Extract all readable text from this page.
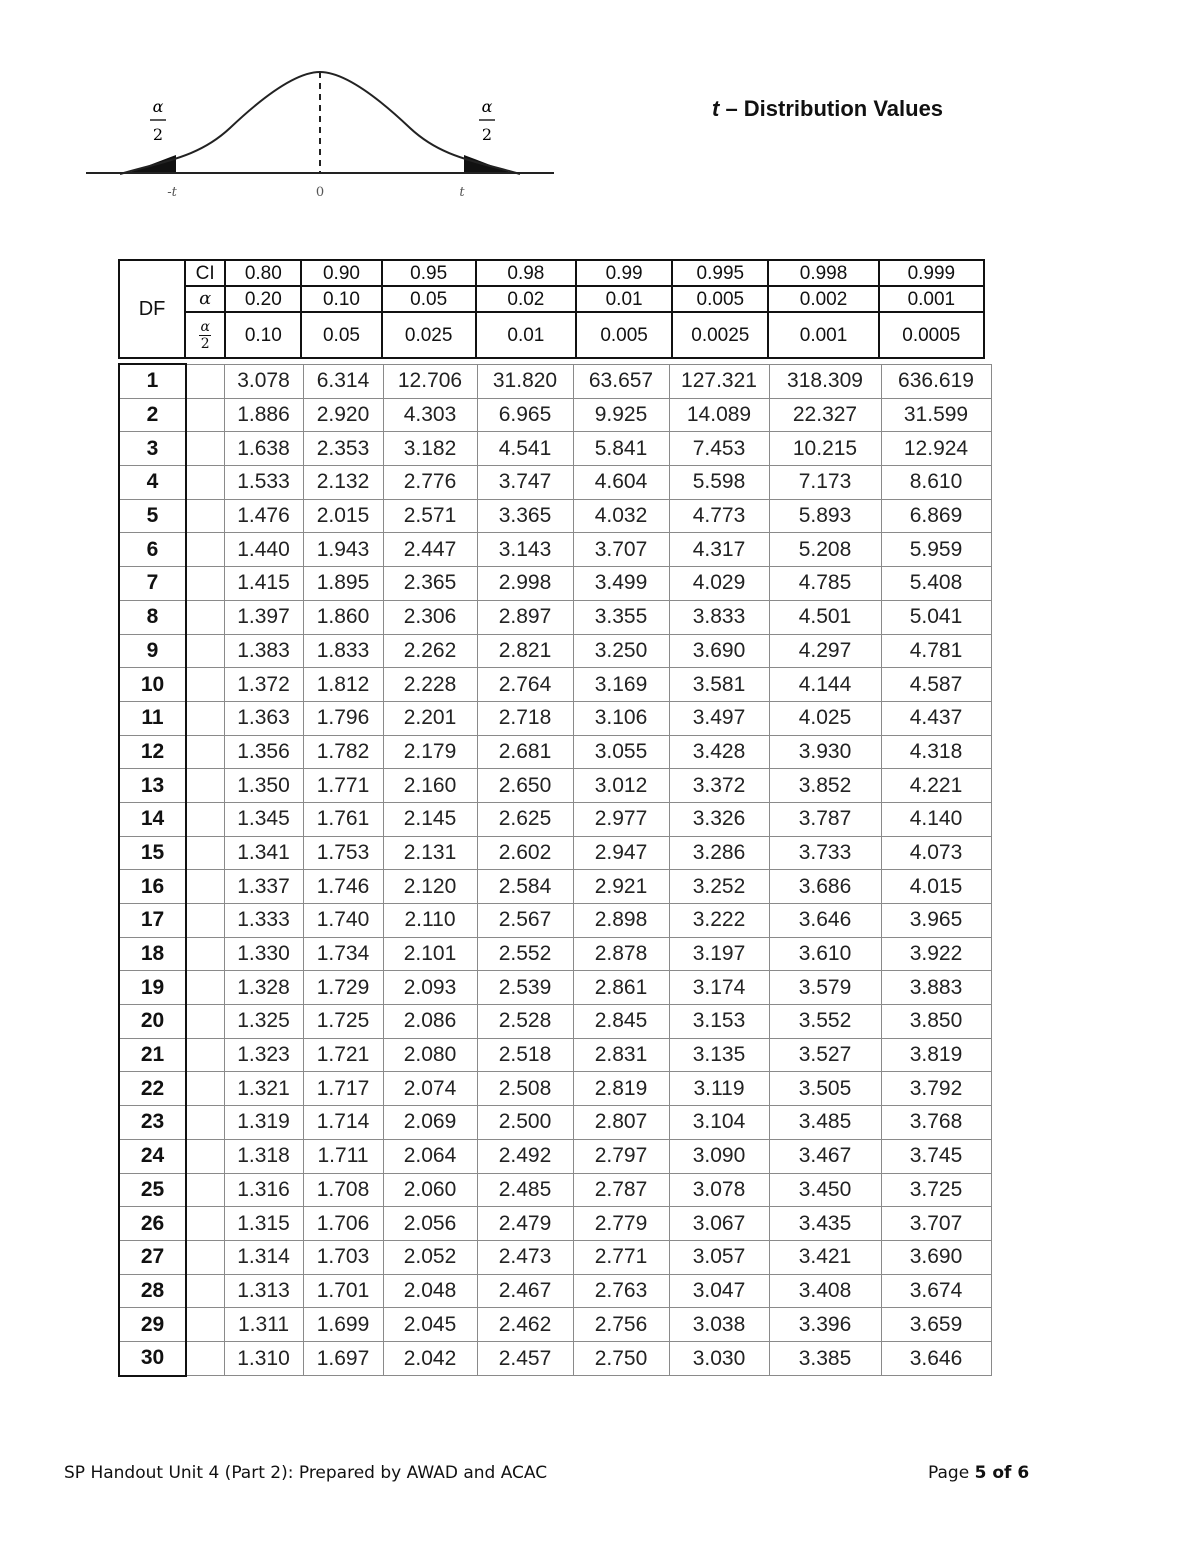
α
2
α
2
-t	0	t
t – Distribution Values
DF	CI	0.80	0.90	0.95	0.98	0.99	0.995	0.998	0.999
	α	0.20	0.10	0.05	0.02	0.01	0.005	0.002	0.001

	$\frac{\alpha}{2}$	0.10	0.05	0.025	0.01	0.005	0.0025	0.001	0.0005
1		3.078	6.314	12.706	31.820	63.657	127.321	318.309	636.619
2		1.886	2.920	4.303	6.965	9.925	14.089	22.327	31.599
3		1.638	2.353	3.182	4.541	5.841	7.453	10.215	12.924
4		1.533	2.132	2.776	3.747	4.604	5.598	7.173	8.610
5		1.476	2.015	2.571	3.365	4.032	4.773	5.893	6.869
6		1.440	1.943	2.447	3.143	3.707	4.317	5.208	5.959
7		1.415	1.895	2.365	2.998	3.499	4.029	4.785	5.408
8		1.397	1.860	2.306	2.897	3.355	3.833	4.501	5.041
9		1.383	1.833	2.262	2.821	3.250	3.690	4.297	4.781
10		1.372	1.812	2.228	2.764	3.169	3.581	4.144	4.587
11		1.363	1.796	2.201	2.718	3.106	3.497	4.025	4.437
12		1.356	1.782	2.179	2.681	3.055	3.428	3.930	4.318
13		1.350	1.771	2.160	2.650	3.012	3.372	3.852	4.221
14		1.345	1.761	2.145	2.625	2.977	3.326	3.787	4.140
15		1.341	1.753	2.131	2.602	2.947	3.286	3.733	4.073
16		1.337	1.746	2.120	2.584	2.921	3.252	3.686	4.015
17		1.333	1.740	2.110	2.567	2.898	3.222	3.646	3.965
18		1.330	1.734	2.101	2.552	2.878	3.197	3.610	3.922
19		1.328	1.729	2.093	2.539	2.861	3.174	3.579	3.883
20		1.325	1.725	2.086	2.528	2.845	3.153	3.552	3.850
21		1.323	1.721	2.080	2.518	2.831	3.135	3.527	3.819
22		1.321	1.717	2.074	2.508	2.819	3.119	3.505	3.792
23		1.319	1.714	2.069	2.500	2.807	3.104	3.485	3.768
24		1.318	1.711	2.064	2.492	2.797	3.090	3.467	3.745
25		1.316	1.708	2.060	2.485	2.787	3.078	3.450	3.725
26		1.315	1.706	2.056	2.479	2.779	3.067	3.435	3.707
27		1.314	1.703	2.052	2.473	2.771	3.057	3.421	3.690
28		1.313	1.701	2.048	2.467	2.763	3.047	3.408	3.674
29		1.311	1.699	2.045	2.462	2.756	3.038	3.396	3.659
30		1.310	1.697	2.042	2.457	2.750	3.030	3.385	3.646
SP Handout Unit 4 (Part 2): Prepared by AWAD and ACAC	Page 5 of 6
